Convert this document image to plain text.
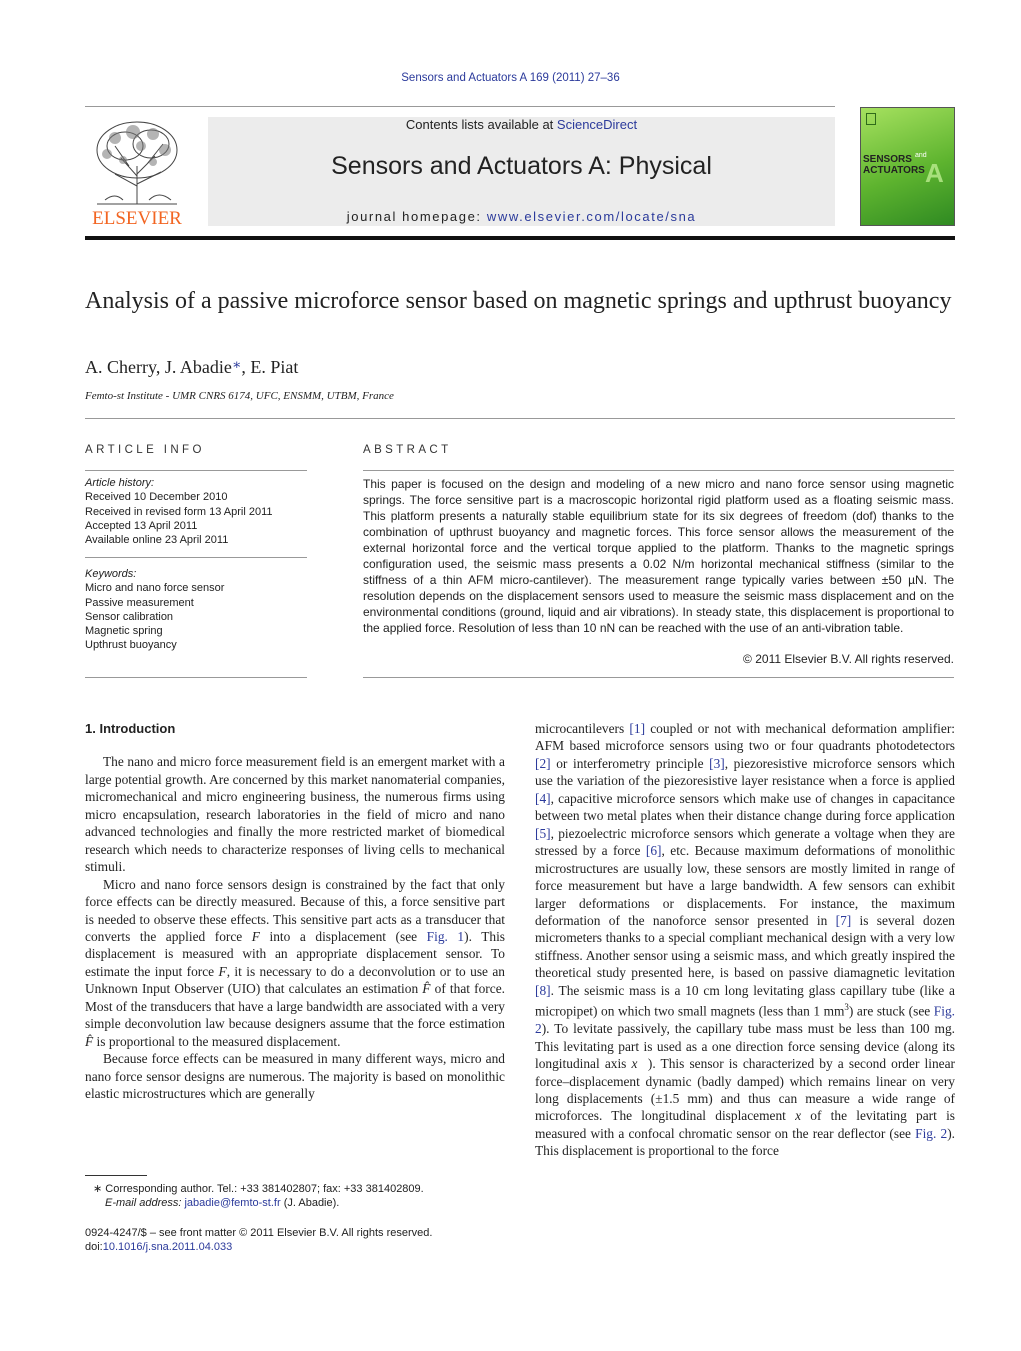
Sensors and Actuators A 169 (2011) 27–36
ELSEVIER
Contents lists available at ScienceDirect
Sensors and Actuators A: Physical
journal homepage: www.elsevier.com/locate/sna
SENSORS
ACTUATORS
and
A
Analysis of a passive microforce sensor based on magnetic springs and upthrust buoyancy
A. Cherry, J. Abadie∗, E. Piat
Femto-st Institute - UMR CNRS 6174, UFC, ENSMM, UTBM, France
ARTICLE INFO
Article history:
Received 10 December 2010
Received in revised form 13 April 2011
Accepted 13 April 2011
Available online 23 April 2011
Keywords:
Micro and nano force sensor
Passive measurement
Sensor calibration
Magnetic spring
Upthrust buoyancy
ABSTRACT
This paper is focused on the design and modeling of a new micro and nano force sensor using magnetic springs. The force sensitive part is a macroscopic horizontal rigid platform used as a floating seismic mass. This platform presents a naturally stable equilibrium state for its six degrees of freedom (dof) thanks to the combination of upthrust buoyancy and magnetic forces. This force sensor allows the measurement of the external horizontal force and the vertical torque applied to the platform. Thanks to the magnetic springs configuration used, the seismic mass presents a 0.02 N/m horizontal mechanical stiffness (similar to the stiffness of a thin AFM micro-cantilever). The measurement range typically varies between ±50 µN. The resolution depends on the displacement sensors used to measure the seismic mass displacement and on the environmental conditions (ground, liquid and air vibrations). In steady state, this displacement is proportional to the applied force. Resolution of less than 10 nN can be reached with the use of an anti-vibration table.
© 2011 Elsevier B.V. All rights reserved.
1. Introduction

The nano and micro force measurement field is an emergent market with a large potential growth. Are concerned by this market nanomaterial companies, micromechanical and micro engineering business, the numerous firms using micro encapsulation, research laboratories in the field of micro and nano advanced technologies and finally the more restricted market of biomedical research which needs to characterize responses of living cells to mechanical stimuli.

Micro and nano force sensors design is constrained by the fact that only force effects can be directly measured. Because of this, a force sensitive part is needed to observe these effects. This sensitive part acts as a transducer that converts the applied force F into a displacement (see Fig. 1). This displacement is measured with an appropriate displacement sensor. To estimate the input force F, it is necessary to do a deconvolution or to use an Unknown Input Observer (UIO) that calculates an estimation F̂ of that force. Most of the transducers that have a large bandwidth are associated with a very simple deconvolution law because designers assume that the force estimation F̂ is proportional to the measured displacement.

Because force effects can be measured in many different ways, micro and nano force sensor designs are numerous. The majority is based on monolithic elastic microstructures which are generally

microcantilevers [1] coupled or not with mechanical deformation amplifier: AFM based microforce sensors using two or four quadrants photodetectors [2] or interferometry principle [3], piezoresistive microforce sensors which use the variation of the piezoresistive layer resistance when a force is applied [4], capacitive microforce sensors which make use of changes in capacitance between two metal plates when their distance change during force application [5], piezoelectric microforce sensors which generate a voltage when they are stressed by a force [6], etc. Because maximum deformations of monolithic microstructures are usually low, these sensors are mostly limited in range of force measurement but have a large bandwidth. A few sensors can exhibit larger deformations or displacements. For instance, the maximum deformation of the nanoforce sensor presented in [7] is several dozen micrometers thanks to a special compliant mechanical design with a very low stiffness. Another sensor using a seismic mass, and which greatly inspired the theoretical study presented here, is based on passive diamagnetic levitation [8]. The seismic mass is a 10 cm long levitating glass capillary tube (like a micropipet) on which two small magnets (less than 1 $mm^3$) are stuck (see Fig. 2). To levitate passively, the capillary tube mass must be less than 100 mg. This levitating part is used as a one direction force sensing device (along its longitudinal axis x⃗). This sensor is characterized by a second order linear force–displacement dynamic (badly damped) which remains linear on very long displacements (±1.5 mm) and thus can measure a wide range of microforces. The longitudinal displacement x of the levitating part is measured with a confocal chromatic sensor on the rear deflector (see Fig. 2). This displacement is proportional to the force

∗ Corresponding author. Tel.: +33 381402807; fax: +33 381402809.
E-mail address: jabadie@femto-st.fr (J. Abadie).
0924-4247/$ – see front matter © 2011 Elsevier B.V. All rights reserved.
doi:10.1016/j.sna.2011.04.033
